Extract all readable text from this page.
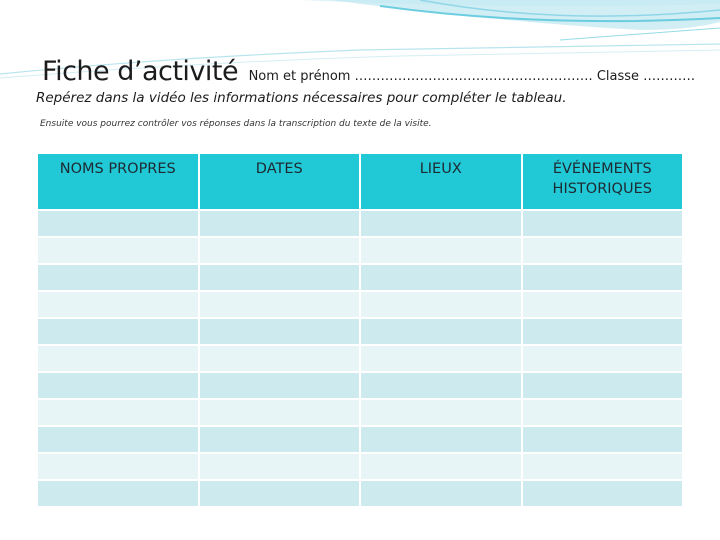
Fiche d’activité Nom et prénom ………………………………………………. Classe …………
Repérez dans la vidéo les informations nécessaires pour compléter le tableau.
Ensuite vous pourrez contrôler vos réponses dans la transcription du texte de la visite.
NOMS PROPRES	DATES	LIEUX	ÉVÉNEMENTS HISTORIQUES
